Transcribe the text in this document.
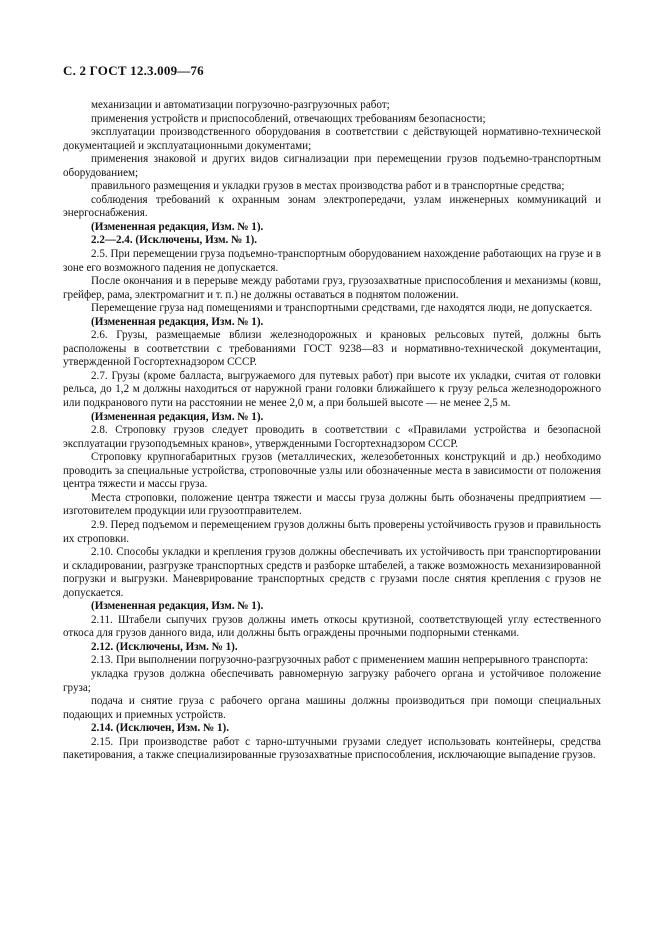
С. 2 ГОСТ 12.3.009—76

механизации и автоматизации погрузочно-разгрузочных работ;

применения устройств и приспособлений, отвечающих требованиям безопасности;

эксплуатации производственного оборудования в соответствии с действующей нормативно-технической документацией и эксплуатационными документами;

применения знаковой и других видов сигнализации при перемещении грузов подъемно-транспортным оборудованием;

правильного размещения и укладки грузов в местах производства работ и в транспортные средства;

соблюдения требований к охранным зонам электропередачи, узлам инженерных коммуникаций и энергоснабжения.

(Измененная редакция, Изм. № 1).

2.2—2.4. (Исключены, Изм. № 1).

2.5. При перемещении груза подъемно-транспортным оборудованием нахождение работающих на грузе и в зоне его возможного падения не допускается.

После окончания и в перерыве между работами груз, грузозахватные приспособления и механизмы (ковш, грейфер, рама, электромагнит и т. п.) не должны оставаться в поднятом положении.

Перемещение груза над помещениями и транспортными средствами, где находятся люди, не допускается.

(Измененная редакция, Изм. № 1).

2.6. Грузы, размещаемые вблизи железнодорожных и крановых рельсовых путей, должны быть расположены в соответствии с требованиями ГОСТ 9238—83 и нормативно-технической документации, утвержденной Госгортехнадзором СССР.

2.7. Грузы (кроме балласта, выгружаемого для путевых работ) при высоте их укладки, считая от головки рельса, до 1,2 м должны находиться от наружной грани головки ближайшего к грузу рельса железнодорожного или подкранового пути на расстоянии не менее 2,0 м, а при большей высоте — не менее 2,5 м.

(Измененная редакция, Изм. № 1).

2.8. Строповку грузов следует проводить в соответствии с «Правилами устройства и безопасной эксплуатации грузоподъемных кранов», утвержденными Госгортехнадзором СССР.

Строповку крупногабаритных грузов (металлических, железобетонных конструкций и др.) необходимо проводить за специальные устройства, строповочные узлы или обозначенные места в зависимости от положения центра тяжести и массы груза.

Места строповки, положение центра тяжести и массы груза должны быть обозначены предприятием — изготовителем продукции или грузоотправителем.

2.9. Перед подъемом и перемещением грузов должны быть проверены устойчивость грузов и правильность их строповки.

2.10. Способы укладки и крепления грузов должны обеспечивать их устойчивость при транспортировании и складировании, разгрузке транспортных средств и разборке штабелей, а также возможность механизированной погрузки и выгрузки. Маневрирование транспортных средств с грузами после снятия крепления с грузов не допускается.

(Измененная редакция, Изм. № 1).

2.11. Штабели сыпучих грузов должны иметь откосы крутизной, соответствующей углу естественного откоса для грузов данного вида, или должны быть ограждены прочными подпорными стенками.

2.12. (Исключены, Изм. № 1).

2.13. При выполнении погрузочно-разгрузочных работ с применением машин непрерывного транспорта:

укладка грузов должна обеспечивать равномерную загрузку рабочего органа и устойчивое положение груза;

подача и снятие груза с рабочего органа машины должны производиться при помощи специальных подающих и приемных устройств.

2.14. (Исключен, Изм. № 1).

2.15. При производстве работ с тарно-штучными грузами следует использовать контейнеры, средства пакетирования, а также специализированные грузозахватные приспособления, исключающие выпадение грузов.
